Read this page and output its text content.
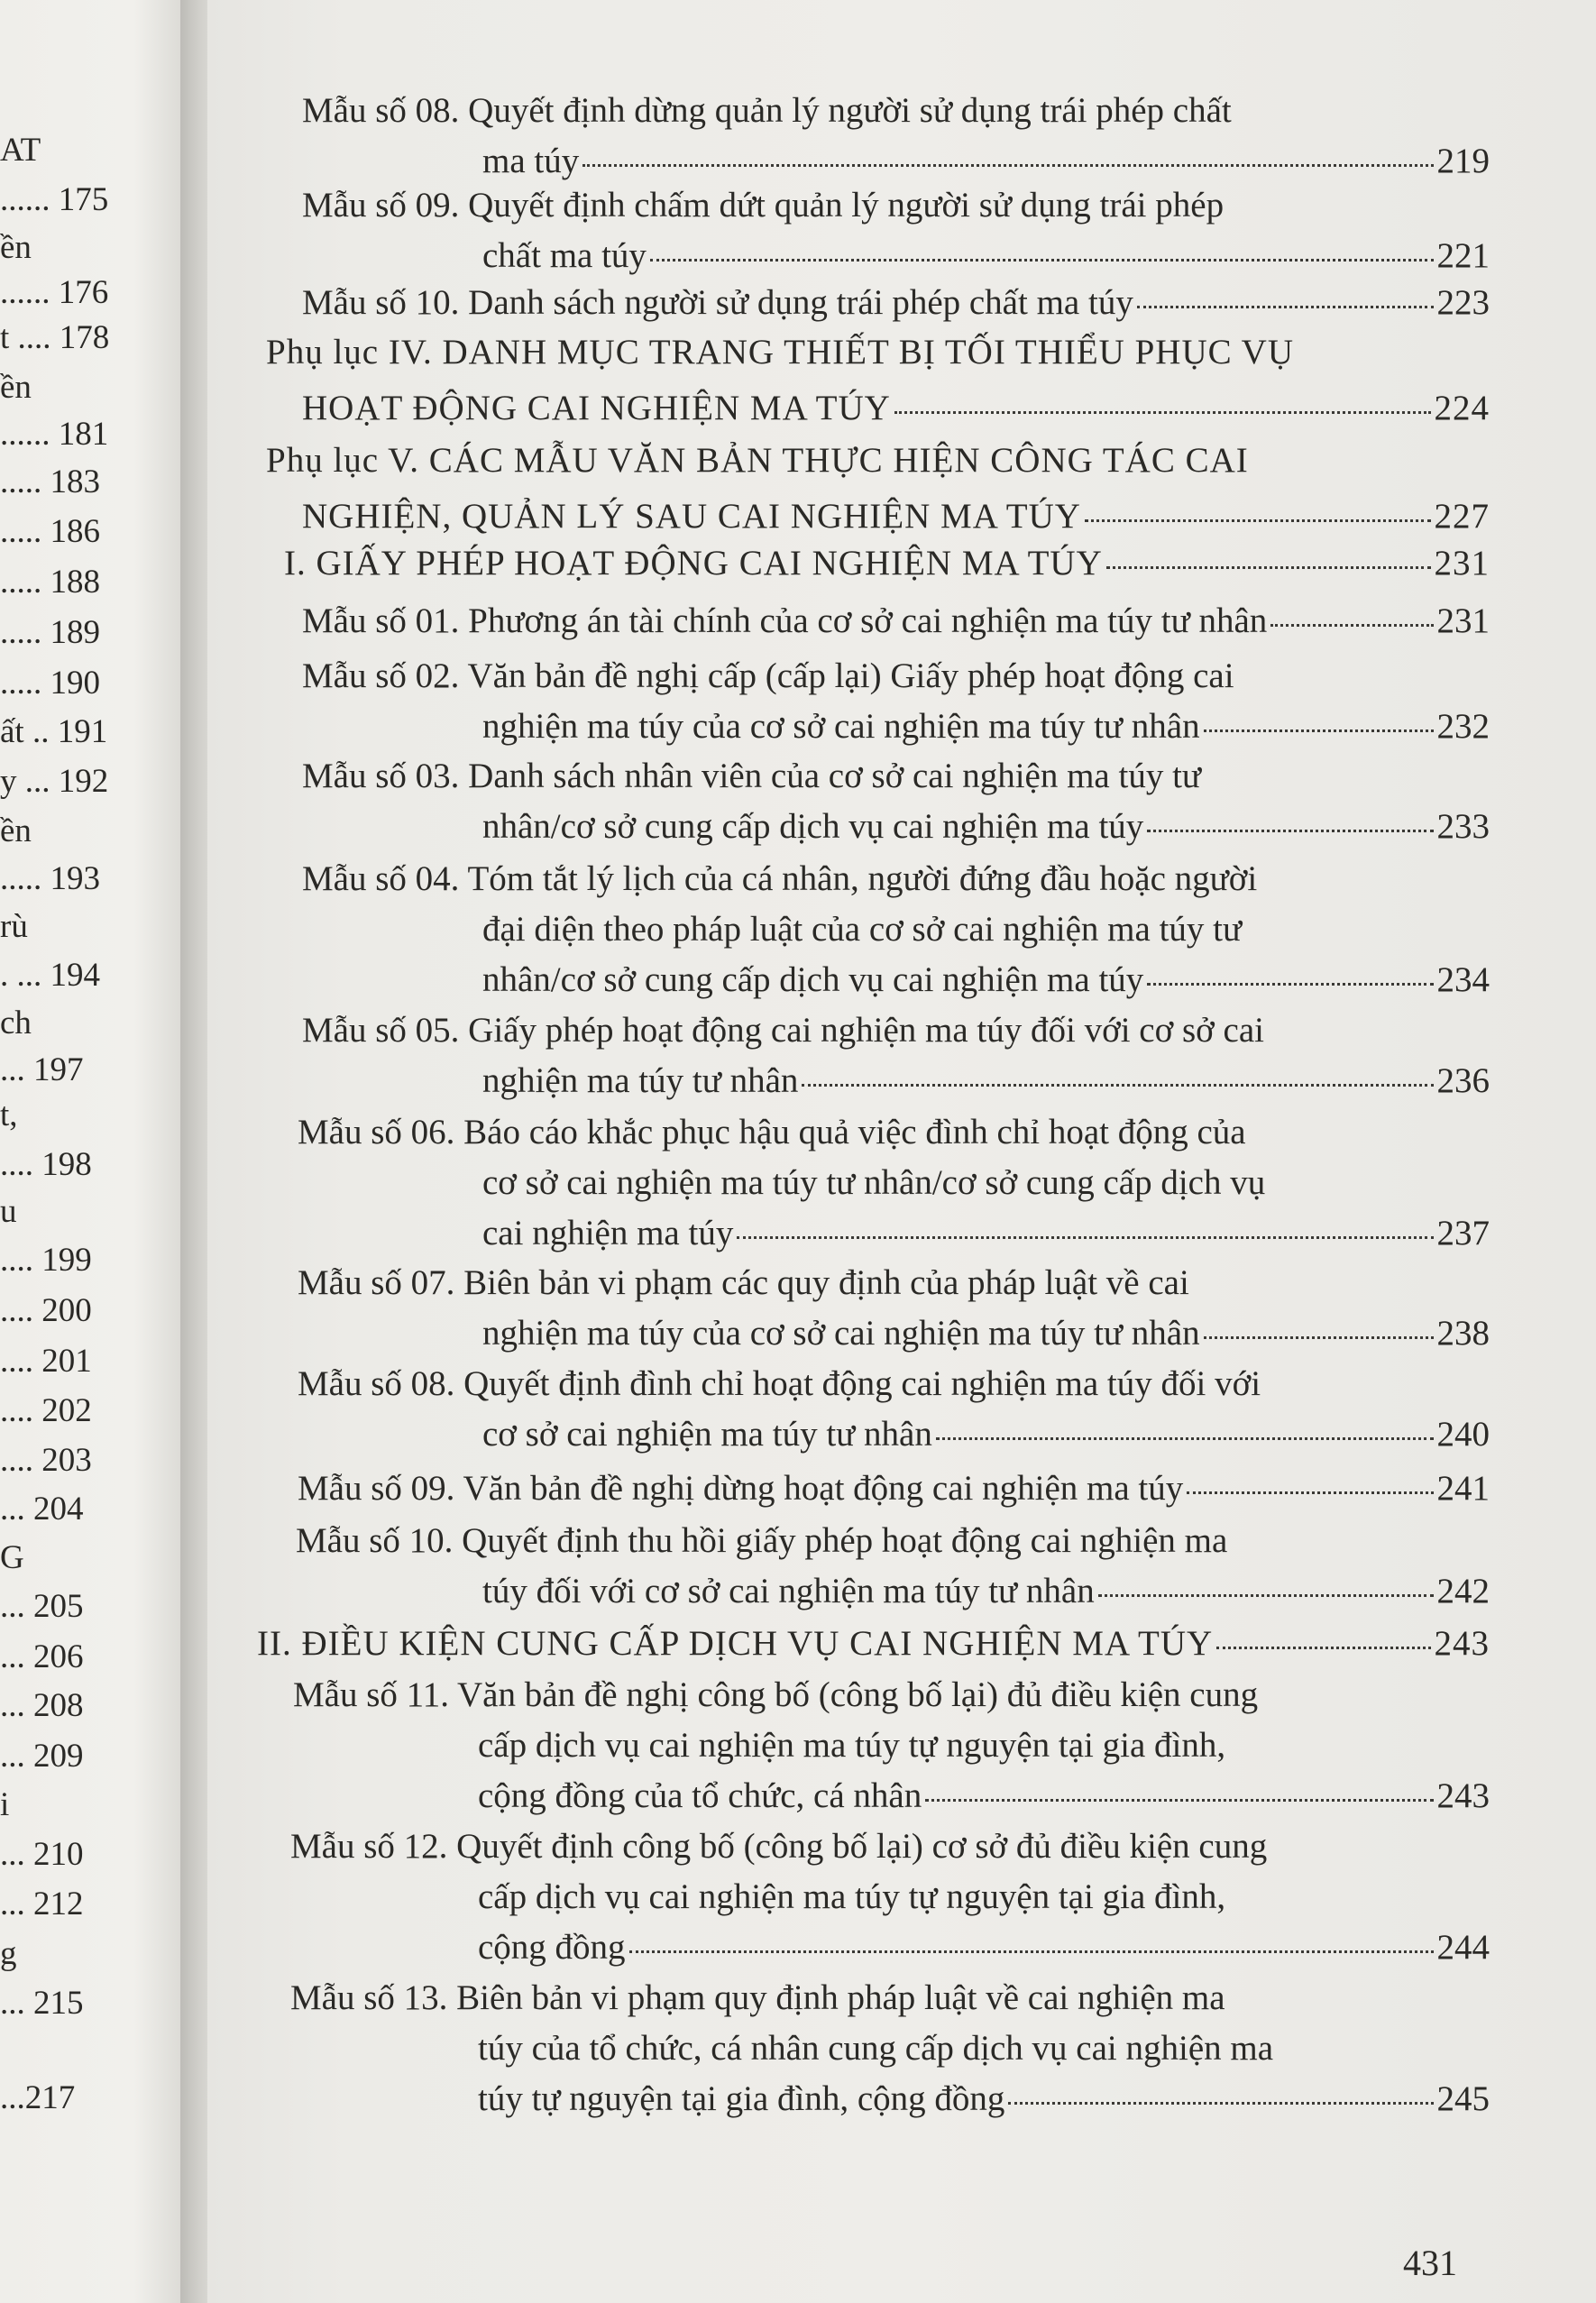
AT
...... 175
ền
...... 176
t .... 178
ền
...... 181
..... 183
..... 186
..... 188
..... 189
..... 190
ất .. 191
y ... 192
ền
..... 193
rù
. ... 194
ch
... 197
t,
.... 198
u
.... 199
.... 200
.... 201
.... 202
.... 203
... 204
G
... 205
... 206
... 208
... 209
i
... 210
... 212
g
... 215
...217
Mẫu số 08. Quyết định dừng quản lý người sử dụng trái phép chất
ma túy	219
Mẫu số 09. Quyết định chấm dứt quản lý người sử dụng trái phép
chất ma túy	221
Mẫu số 10. Danh sách người sử dụng trái phép chất ma túy	223
Phụ lục IV. DANH MỤC TRANG THIẾT BỊ TỐI THIỂU PHỤC VỤ
HOẠT ĐỘNG CAI NGHIỆN MA TÚY	224
Phụ lục V. CÁC MẪU VĂN BẢN THỰC HIỆN CÔNG TÁC CAI
NGHIỆN, QUẢN LÝ SAU CAI NGHIỆN MA TÚY	227
I. GIẤY PHÉP HOẠT ĐỘNG CAI NGHIỆN MA TÚY	231
Mẫu số 01. Phương án tài chính của cơ sở cai nghiện ma túy tư nhân	231
Mẫu số 02. Văn bản đề nghị cấp (cấp lại) Giấy phép hoạt động cai
nghiện ma túy của cơ sở cai nghiện ma túy tư nhân	232
Mẫu số 03. Danh sách nhân viên của cơ sở cai nghiện ma túy tư
nhân/cơ sở cung cấp dịch vụ cai nghiện ma túy	233
Mẫu số 04. Tóm tắt lý lịch của cá nhân, người đứng đầu hoặc người
đại diện theo pháp luật của cơ sở cai nghiện ma túy tư
nhân/cơ sở cung cấp dịch vụ cai nghiện ma túy	234
Mẫu số 05. Giấy phép hoạt động cai nghiện ma túy đối với cơ sở cai
nghiện ma túy tư nhân	236
Mẫu số 06. Báo cáo khắc phục hậu quả việc đình chỉ hoạt động của
cơ sở cai nghiện ma túy tư nhân/cơ sở cung cấp dịch vụ
cai nghiện ma túy	237
Mẫu số 07. Biên bản vi phạm các quy định của pháp luật về cai
nghiện ma túy của cơ sở cai nghiện ma túy tư nhân	238
Mẫu số 08. Quyết định đình chỉ hoạt động cai nghiện ma túy đối với
cơ sở cai nghiện ma túy tư nhân	240
Mẫu số 09. Văn bản đề nghị dừng hoạt động cai nghiện ma túy	241
Mẫu số 10. Quyết định thu hồi giấy phép hoạt động cai nghiện ma
túy đối với cơ sở cai nghiện ma túy tư nhân	242
II. ĐIỀU KIỆN CUNG CẤP DỊCH VỤ CAI NGHIỆN MA TÚY	243
Mẫu số 11. Văn bản đề nghị công bố (công bố lại) đủ điều kiện cung
cấp dịch vụ cai nghiện ma túy tự nguyện tại gia đình,
cộng đồng của tổ chức, cá nhân	243
Mẫu số 12. Quyết định công bố (công bố lại) cơ sở đủ điều kiện cung
cấp dịch vụ cai nghiện ma túy tự nguyện tại gia đình,
cộng đồng	244
Mẫu số 13. Biên bản vi phạm quy định pháp luật về cai nghiện ma
túy của tổ chức, cá nhân cung cấp dịch vụ cai nghiện ma
túy tự nguyện tại gia đình, cộng đồng	245
431
